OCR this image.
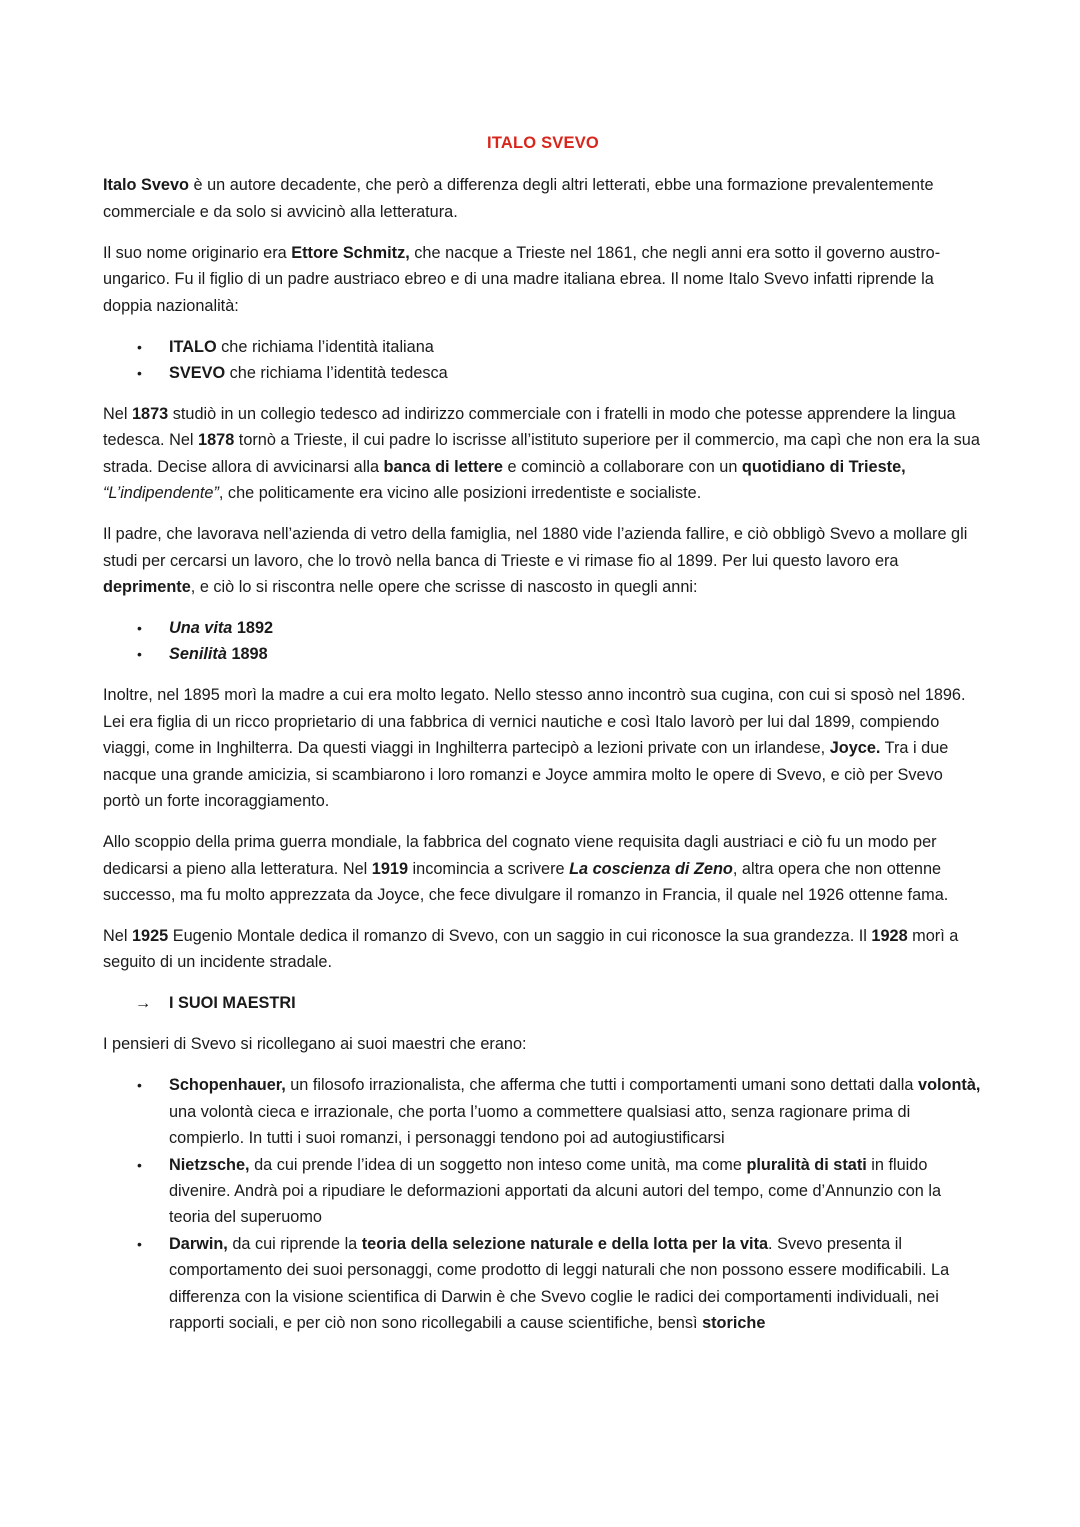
ITALO SVEVO

Italo Svevo è un autore decadente, che però a differenza degli altri letterati, ebbe una formazione prevalentemente commerciale e da solo si avvicinò alla letteratura.

Il suo nome originario era Ettore Schmitz, che nacque a Trieste nel 1861, che negli anni era sotto il governo austro-ungarico. Fu il figlio di un padre austriaco ebreo e di una madre italiana ebrea. Il nome Italo Svevo infatti riprende la doppia nazionalità:

• ITALO che richiama l’identità italiana
• SVEVO che richiama l’identità tedesca

Nel 1873 studiò in un collegio tedesco ad indirizzo commerciale con i fratelli in modo che potesse apprendere la lingua tedesca. Nel 1878 tornò a Trieste, il cui padre lo iscrisse all’istituto superiore per il commercio, ma capì che non era la sua strada. Decise allora di avvicinarsi alla banca di lettere e cominciò a collaborare con un quotidiano di Trieste, “L’indipendente”, che politicamente era vicino alle posizioni irredentiste e socialiste.

Il padre, che lavorava nell’azienda di vetro della famiglia, nel 1880 vide l’azienda fallire, e ciò obbligò Svevo a mollare gli studi per cercarsi un lavoro, che lo trovò nella banca di Trieste e vi rimase fio al 1899. Per lui questo lavoro era deprimente, e ciò lo si riscontra nelle opere che scrisse di nascosto in quegli anni:

• Una vita 1892
• Senilità 1898

Inoltre, nel 1895 morì la madre a cui era molto legato. Nello stesso anno incontrò sua cugina, con cui si sposò nel 1896. Lei era figlia di un ricco proprietario di una fabbrica di vernici nautiche e così Italo lavorò per lui dal 1899, compiendo viaggi, come in Inghilterra. Da questi viaggi in Inghilterra partecipò a lezioni private con un irlandese, Joyce. Tra i due nacque una grande amicizia, si scambiarono i loro romanzi e Joyce ammira molto le opere di Svevo, e ciò per Svevo portò un forte incoraggiamento.

Allo scoppio della prima guerra mondiale, la fabbrica del cognato viene requisita dagli austriaci e ciò fu un modo per dedicarsi a pieno alla letteratura. Nel 1919 incomincia a scrivere La coscienza di Zeno, altra opera che non ottenne successo, ma fu molto apprezzata da Joyce, che fece divulgare il romanzo in Francia, il quale nel 1926 ottenne fama.

Nel 1925 Eugenio Montale dedica il romanzo di Svevo, con un saggio in cui riconosce la sua grandezza. Il 1928 morì a seguito di un incidente stradale.

→ I SUOI MAESTRI

I pensieri di Svevo si ricollegano ai suoi maestri che erano:

• Schopenhauer, un filosofo irrazionalista, che afferma che tutti i comportamenti umani sono dettati dalla volontà, una volontà cieca e irrazionale, che porta l’uomo a commettere qualsiasi atto, senza ragionare prima di compierlo. In tutti i suoi romanzi, i personaggi tendono poi ad autogiustificarsi
• Nietzsche, da cui prende l’idea di un soggetto non inteso come unità, ma come pluralità di stati in fluido divenire. Andrà poi a ripudiare le deformazioni apportati da alcuni autori del tempo, come d’Annunzio con la teoria del superuomo
• Darwin, da cui riprende la teoria della selezione naturale e della lotta per la vita. Svevo presenta il comportamento dei suoi personaggi, come prodotto di leggi naturali che non possono essere modificabili. La differenza con la visione scientifica di Darwin è che Svevo coglie le radici dei comportamenti individuali, nei rapporti sociali, e per ciò non sono ricollegabili a cause scientifiche, bensì storiche
